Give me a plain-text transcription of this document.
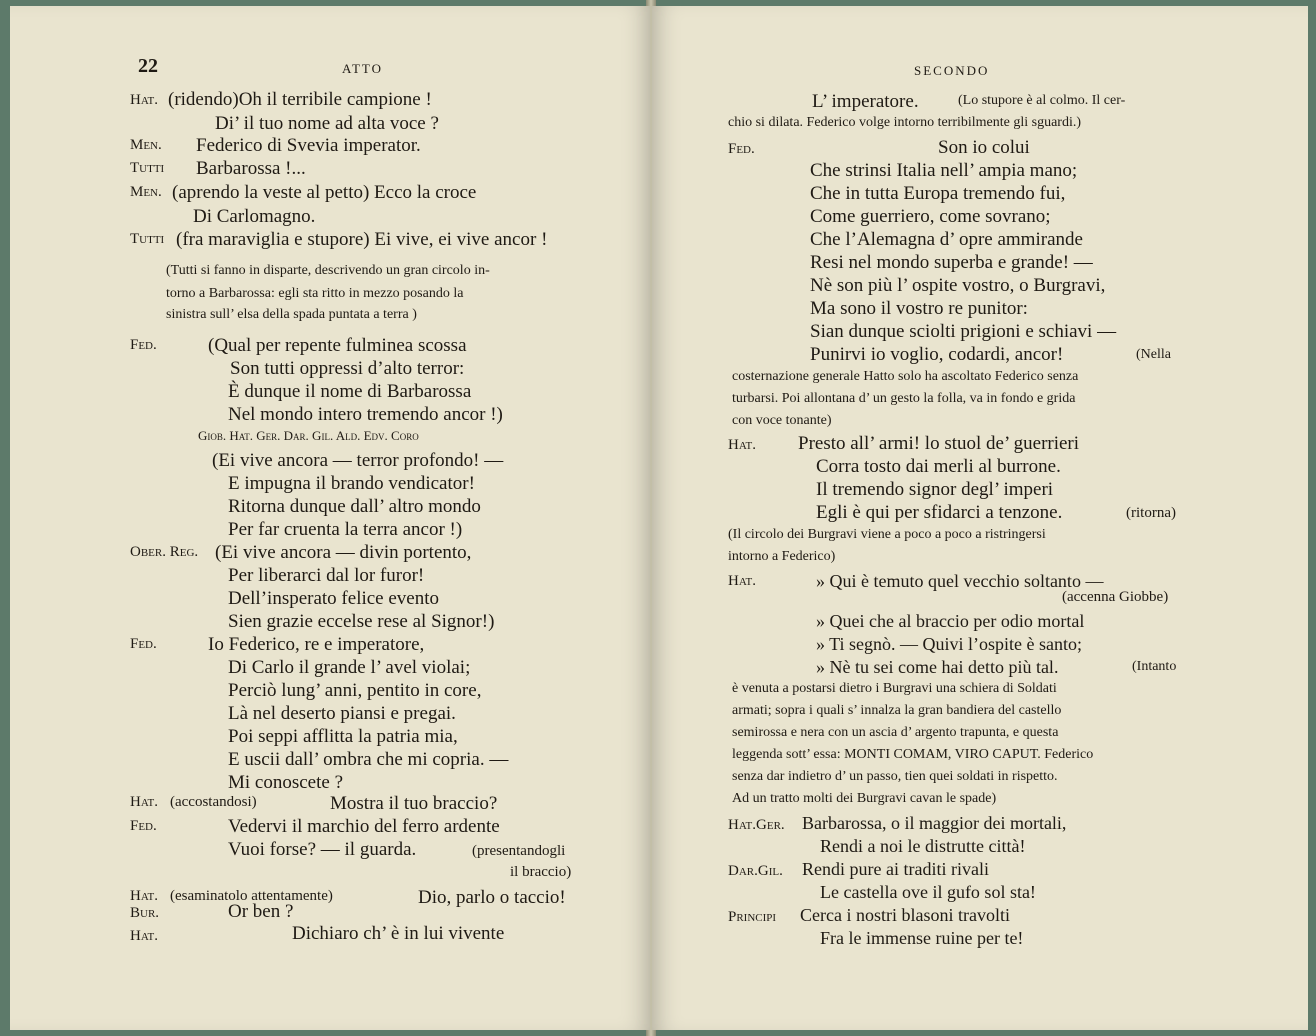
22	ATTO
Hat. (ridendo)Oh il terribile campione !
Di’ il tuo nome ad alta voce ?
Men. Federico di Svevia imperator.
Tutti Barbarossa !...
Men. (aprendo la veste al petto) Ecco la croce
Di Carlomagno.
Tutti (fra maraviglia e stupore) Ei vive, ei vive ancor !
(Tutti si fanno in disparte, descrivendo un gran circolo in-
torno a Barbarossa: egli sta ritto in mezzo posando la
sinistra sull’ elsa della spada puntata a terra )
Fed.	(Qual per repente fulminea scossa
Son tutti oppressi d’alto terror:
È dunque il nome di Barbarossa
Nel mondo intero tremendo ancor !)
Giob. Hat. Ger. Dar. Gil. Ald. Edv. Coro
(Ei vive ancora — terror profondo! —
E impugna il brando vendicator!
Ritorna dunque dall’ altro mondo
Per far cruenta la terra ancor !)
Ober. Reg. (Ei vive ancora — divin portento,
Per liberarci dal lor furor!
Dell’insperato felice evento
Sien grazie eccelse rese al Signor!)
Fed.	Io Federico, re e imperatore,
Di Carlo il grande l’ avel violai;
Perciò lung’ anni, pentito in core,
Là nel deserto piansi e pregai.
Poi seppi afflitta la patria mia,
E uscii dall’ ombra che mi copria. —
Mi conoscete ?
Hat. (accostandosi)	Mostra il tuo braccio?
Fed.	Vedervi il marchio del ferro ardente
Vuoi forse? — il guarda.	(presentandogli
il braccio)
Hat. (esaminatolo attentamente)	Dio, parlo o taccio!
Bur.	Or ben ?
Hat.	Dichiaro ch’ è in lui vivente
SECONDO
L’ imperatore.	(Lo stupore è al colmo. Il cer-
chio si dilata. Federico volge intorno terribilmente gli sguardi.)
Fed.	Son io colui
Che strinsi Italia nell’ ampia mano;
Che in tutta Europa tremendo fui,
Come guerriero, come sovrano;
Che l’Alemagna d’ opre ammirande
Resi nel mondo superba e grande! —
Nè son più l’ ospite vostro, o Burgravi,
Ma sono il vostro re punitor:
Sian dunque sciolti prigioni e schiavi —
Punirvi io voglio, codardi, ancor!	(Nella
costernazione generale Hatto solo ha ascoltato Federico senza
turbarsi. Poi allontana d’ un gesto la folla, va in fondo e grida
con voce tonante)
Hat. Presto all’ armi! lo stuol de’ guerrieri
Corra tosto dai merli al burrone.
Il tremendo signor degl’ imperi
Egli è qui per sfidarci a tenzone.	(ritorna)
(Il circolo dei Burgravi viene a poco a poco a ristringersi
intorno a Federico)
Hat.	» Qui è temuto quel vecchio soltanto —
(accenna Giobbe)
» Quei che al braccio per odio mortal
» Ti segnò. — Quivi l’ospite è santo;
» Nè tu sei come hai detto più tal.	(Intanto
è venuta a postarsi dietro i Burgravi una schiera di Soldati
armati; sopra i quali s’ innalza la gran bandiera del castello
semirossa e nera con un ascia d’ argento trapunta, e questa
leggenda sott’ essa: MONTI COMAM, VIRO CAPUT. Federico
senza dar indietro d’ un passo, tien quei soldati in rispetto.
Ad un tratto molti dei Burgravi cavan le spade)
Hat.Ger. Barbarossa, o il maggior dei mortali,
Rendi a noi le distrutte città!
Dar.Gil. Rendi pure ai traditi rivali
Le castella ove il gufo sol sta!
Principi Cerca i nostri blasoni travolti
Fra le immense ruine per te!
